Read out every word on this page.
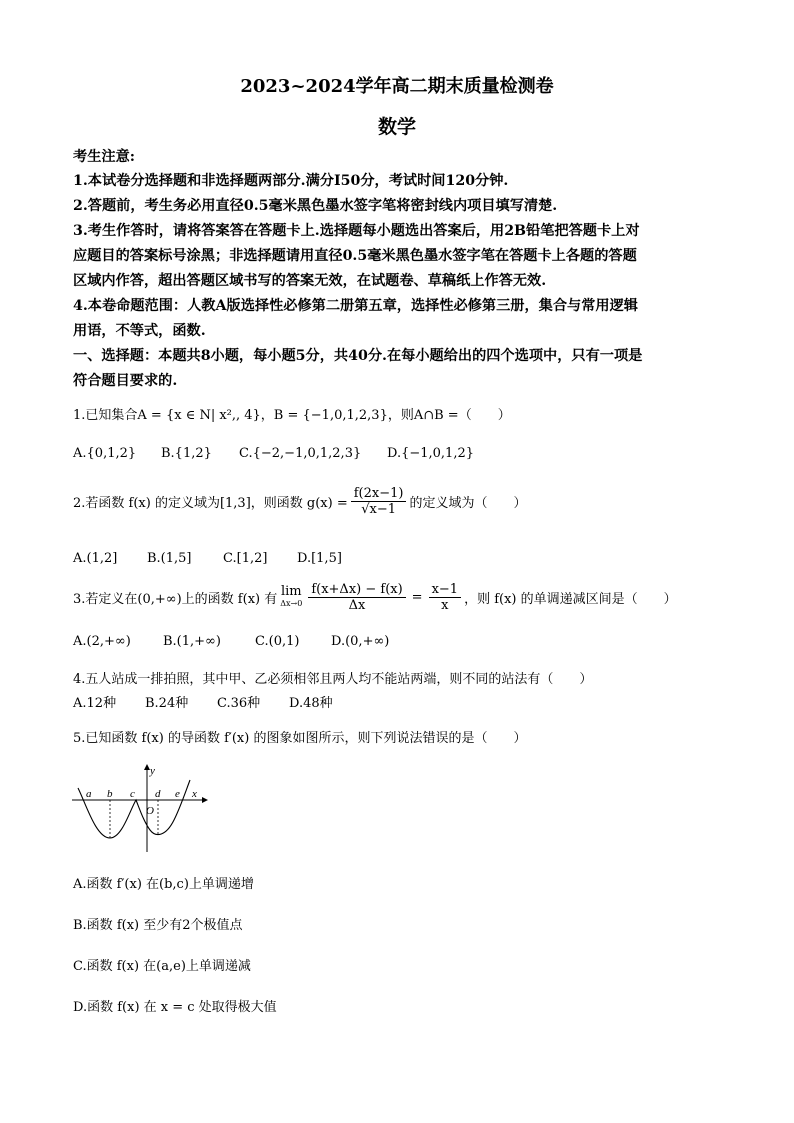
2023~2024学年高二期末质量检测卷
数学
考生注意:
1.本试卷分选择题和非选择题两部分.满分I50分，考试时间120分钟.
2.答题前，考生务必用直径0.5毫米黑色墨水签字笔将密封线内项目填写清楚.
3.考生作答时，请将答案答在答题卡上.选择题每小题选出答案后，用2B铅笔把答题卡上对
应题目的答案标号涂黑；非选择题请用直径0.5毫米黑色墨水签字笔在答题卡上各题的答题
区域内作答，超出答题区域书写的答案无效，在试题卷、草稿纸上作答无效.
4.本卷命题范围：人教A版选择性必修第二册第五章，选择性必修第三册，集合与常用逻辑
用语，不等式，函数.
一、选择题：本题共8小题，每小题5分，共40分.在每小题给出的四个选项中，只有一项是
符合题目要求的.
1.已知集合A = {x ∈ N| x²,, 4}，B = {−1,0,1,2,3}，则A∩B =（　　）
A.{0,1,2} B.{1,2} C.{−2,−1,0,1,2,3} D.{−1,0,1,2}
2.若函数 f(x) 的定义域为[1,3]，则函数 $g(x) = \frac{f(2x-1)}{√x-1}$ 的定义域为（　　）
A.(1,2] B.(1,5] C.[1,2] D.[1,5]
3.若定义在(0,+∞)上的函数 f(x) 有
lim
$\Delta x\to 0 \frac{f(x+\Delta x) - f(x)}{\Delta x} = \frac{x-1}{x}$ ，则 f(x) 的单调递减区间是（　　）
A.(2,+∞) B.(1,+∞)	C.(0,1) D.(0,+∞)
4.五人站成一排拍照，其中甲、乙必须相邻且两人均不能站两端，则不同的站法有（　　）
A.12种 B.24种 C.36种 D.48种
5.已知函数 f(x) 的导函数 f′(x) 的图象如图所示，则下列说法错误的是（　　）
a b c d e x
y
O
A.函数 f′(x) 在(b,c)上单调递增
B.函数 f(x) 至少有2个极值点
C.函数 f(x) 在(a,e)上单调递减
D.函数 f(x) 在 x = c 处取得极大值
